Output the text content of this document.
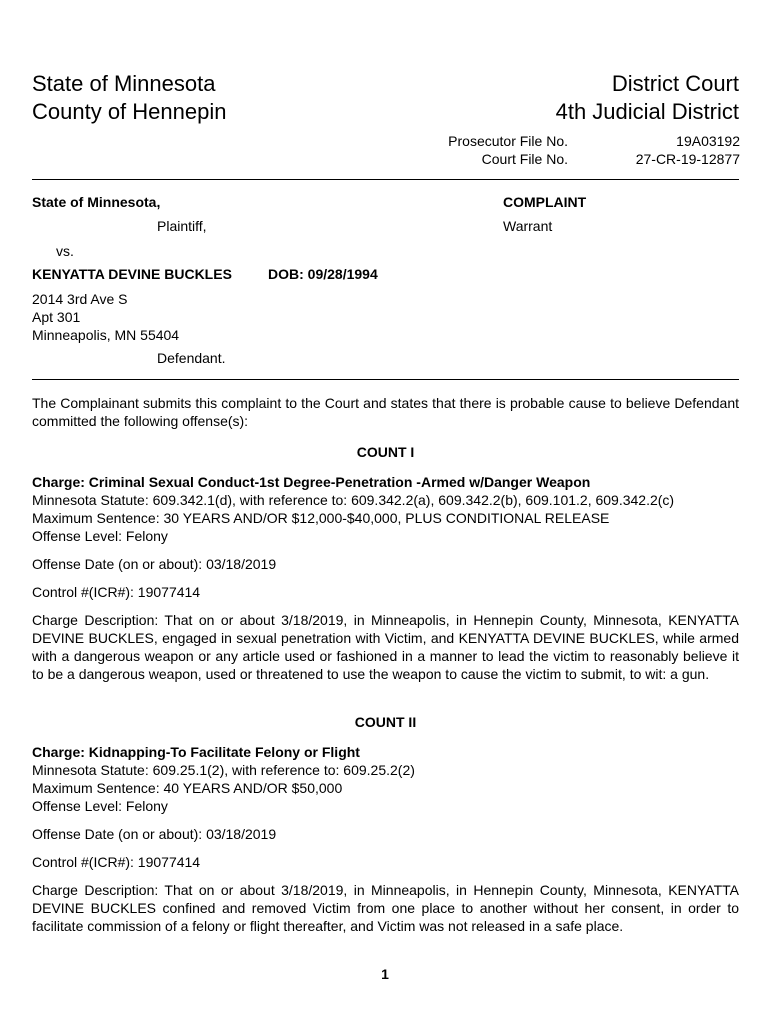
State of Minnesota
County of Hennepin
District Court
4th Judicial District
Prosecutor File No.	19A03192
Court File No.	27-CR-19-12877
State of Minnesota,	COMPLAINT
Plaintiff,	Warrant
vs.
KENYATTA DEVINE BUCKLES	DOB: 09/28/1994
2014 3rd Ave S
Apt 301
Minneapolis, MN 55404
Defendant.
The Complainant submits this complaint to the Court and states that there is probable cause to believe Defendant committed the following offense(s):
COUNT I
Charge: Criminal Sexual Conduct-1st Degree-Penetration -Armed w/Danger Weapon
Minnesota Statute: 609.342.1(d), with reference to: 609.342.2(a), 609.342.2(b), 609.101.2, 609.342.2(c)
Maximum Sentence: 30 YEARS AND/OR $12,000-$40,000, PLUS CONDITIONAL RELEASE
Offense Level: Felony
Offense Date (on or about): 03/18/2019
Control #(ICR#): 19077414
Charge Description: That on or about 3/18/2019, in Minneapolis, in Hennepin County, Minnesota, KENYATTA DEVINE BUCKLES, engaged in sexual penetration with Victim, and KENYATTA DEVINE BUCKLES, while armed with a dangerous weapon or any article used or fashioned in a manner to lead the victim to reasonably believe it to be a dangerous weapon, used or threatened to use the weapon to cause the victim to submit, to wit: a gun.
COUNT II
Charge: Kidnapping-To Facilitate Felony or Flight
Minnesota Statute: 609.25.1(2), with reference to: 609.25.2(2)
Maximum Sentence: 40 YEARS AND/OR $50,000
Offense Level: Felony
Offense Date (on or about): 03/18/2019
Control #(ICR#): 19077414
Charge Description: That on or about 3/18/2019, in Minneapolis, in Hennepin County, Minnesota, KENYATTA DEVINE BUCKLES confined and removed Victim from one place to another without her consent, in order to facilitate commission of a felony or flight thereafter, and Victim was not released in a safe place.
1
